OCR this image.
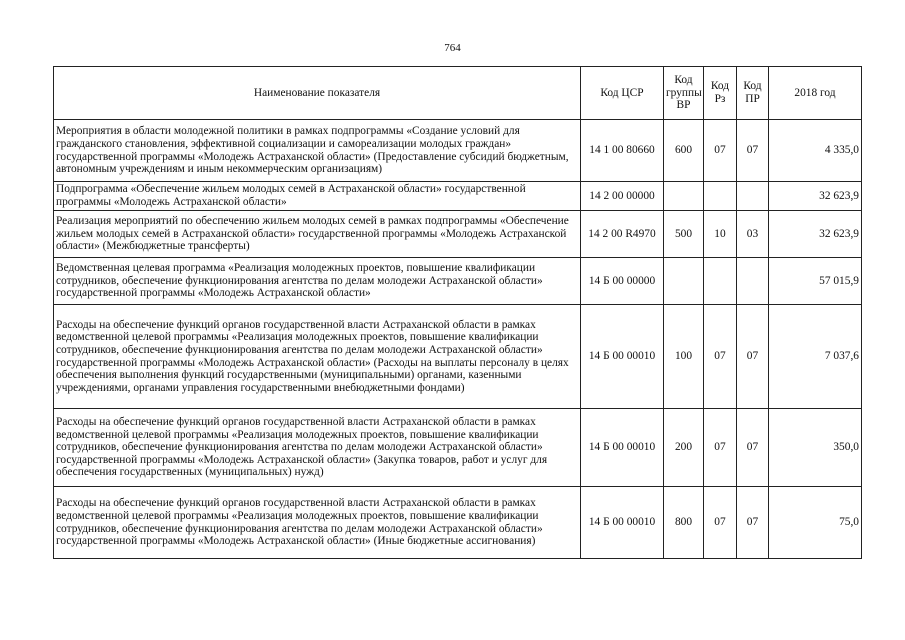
764
Наименование показателя	Код ЦСР	Код группы ВР	Код Рз	Код ПР	2018 год
Мероприятия в области молодежной политики в рамках подпрограммы «Создание условий для гражданского становления, эффективной социализации и самореализации молодых граждан» государственной программы «Молодежь Астраханской области» (Предоставление субсидий бюджетным, автономным учреждениям и иным некоммерческим организациям)	14 1 00 80660	600	07	07	4 335,0
Подпрограмма «Обеспечение жильем молодых семей в Астраханской области» государственной программы «Молодежь Астраханской области»	14 2 00 00000				32 623,9
Реализация мероприятий по обеспечению жильем молодых семей в рамках подпрограммы «Обеспечение жильем молодых семей в Астраханской области» государственной программы «Молодежь Астраханской области» (Межбюджетные трансферты)	14 2 00 R4970	500	10	03	32 623,9
Ведомственная целевая программа «Реализация молодежных проектов, повышение квалификации сотрудников, обеспечение функционирования агентства по делам молодежи Астраханской области» государственной программы «Молодежь Астраханской области»	14 Б 00 00000				57 015,9
Расходы на обеспечение функций органов государственной власти Астраханской области в рамках ведомственной целевой программы «Реализация молодежных проектов, повышение квалификации сотрудников, обеспечение функционирования агентства по делам молодежи Астраханской области» государственной программы «Молодежь Астраханской области» (Расходы на выплаты персоналу в целях обеспечения выполнения функций государственными (муниципальными) органами, казенными учреждениями, органами управления государственными внебюджетными фондами)	14 Б 00 00010	100	07	07	7 037,6
Расходы на обеспечение функций органов государственной власти Астраханской области в рамках ведомственной целевой программы «Реализация молодежных проектов, повышение квалификации сотрудников, обеспечение функционирования агентства по делам молодежи Астраханской области» государственной программы «Молодежь Астраханской области» (Закупка товаров, работ и услуг для обеспечения государственных (муниципальных) нужд)	14 Б 00 00010	200	07	07	350,0
Расходы на обеспечение функций органов государственной власти Астраханской области в рамках ведомственной целевой программы «Реализация молодежных проектов, повышение квалификации сотрудников, обеспечение функционирования агентства по делам молодежи Астраханской области» государственной программы «Молодежь Астраханской области» (Иные бюджетные ассигнования)	14 Б 00 00010	800	07	07	75,0
